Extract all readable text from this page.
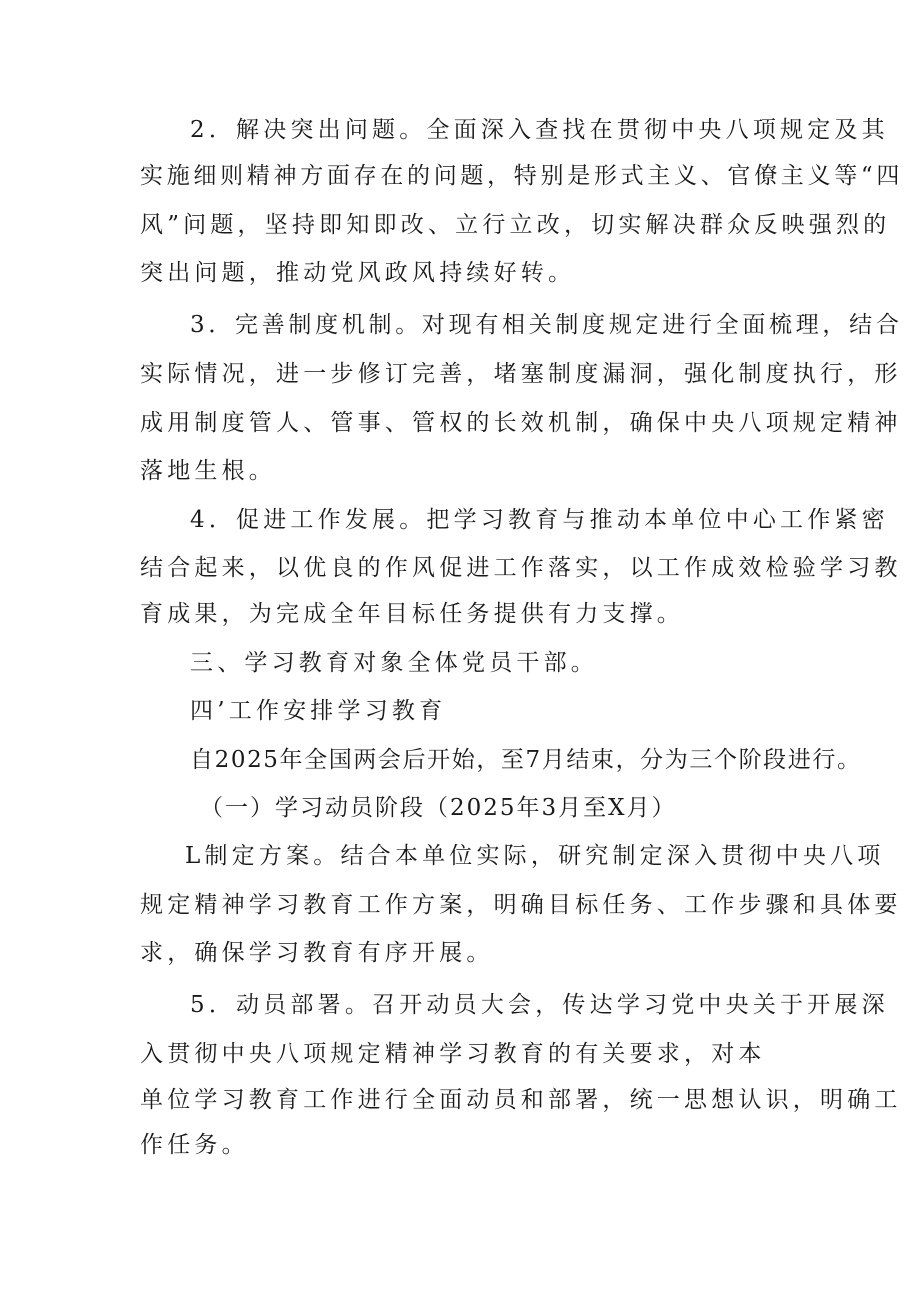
2．解决突出问题。全面深入查找在贯彻中央八项规定及其
实施细则精神方面存在的问题，特别是形式主义、官僚主义等“四
风”问题，坚持即知即改、立行立改，切实解决群众反映强烈的
突出问题，推动党风政风持续好转。
3．完善制度机制。对现有相关制度规定进行全面梳理，结合
实际情况，进一步修订完善，堵塞制度漏洞，强化制度执行，形
成用制度管人、管事、管权的长效机制，确保中央八项规定精神
落地生根。
4．促进工作发展。把学习教育与推动本单位中心工作紧密
结合起来，以优良的作风促进工作落实，以工作成效检验学习教
育成果，为完成全年目标任务提供有力支撑。
三、学习教育对象全体党员干部。
四’工作安排学习教育
自2025年全国两会后开始，至7月结束，分为三个阶段进行。
（一）学习动员阶段（2025年3月至X月）
L制定方案。结合本单位实际，研究制定深入贯彻中央八项
规定精神学习教育工作方案，明确目标任务、工作步骤和具体要
求，确保学习教育有序开展。
5．动员部署。召开动员大会，传达学习党中央关于开展深
入贯彻中央八项规定精神学习教育的有关要求，对本
单位学习教育工作进行全面动员和部署，统一思想认识，明确工
作任务。
